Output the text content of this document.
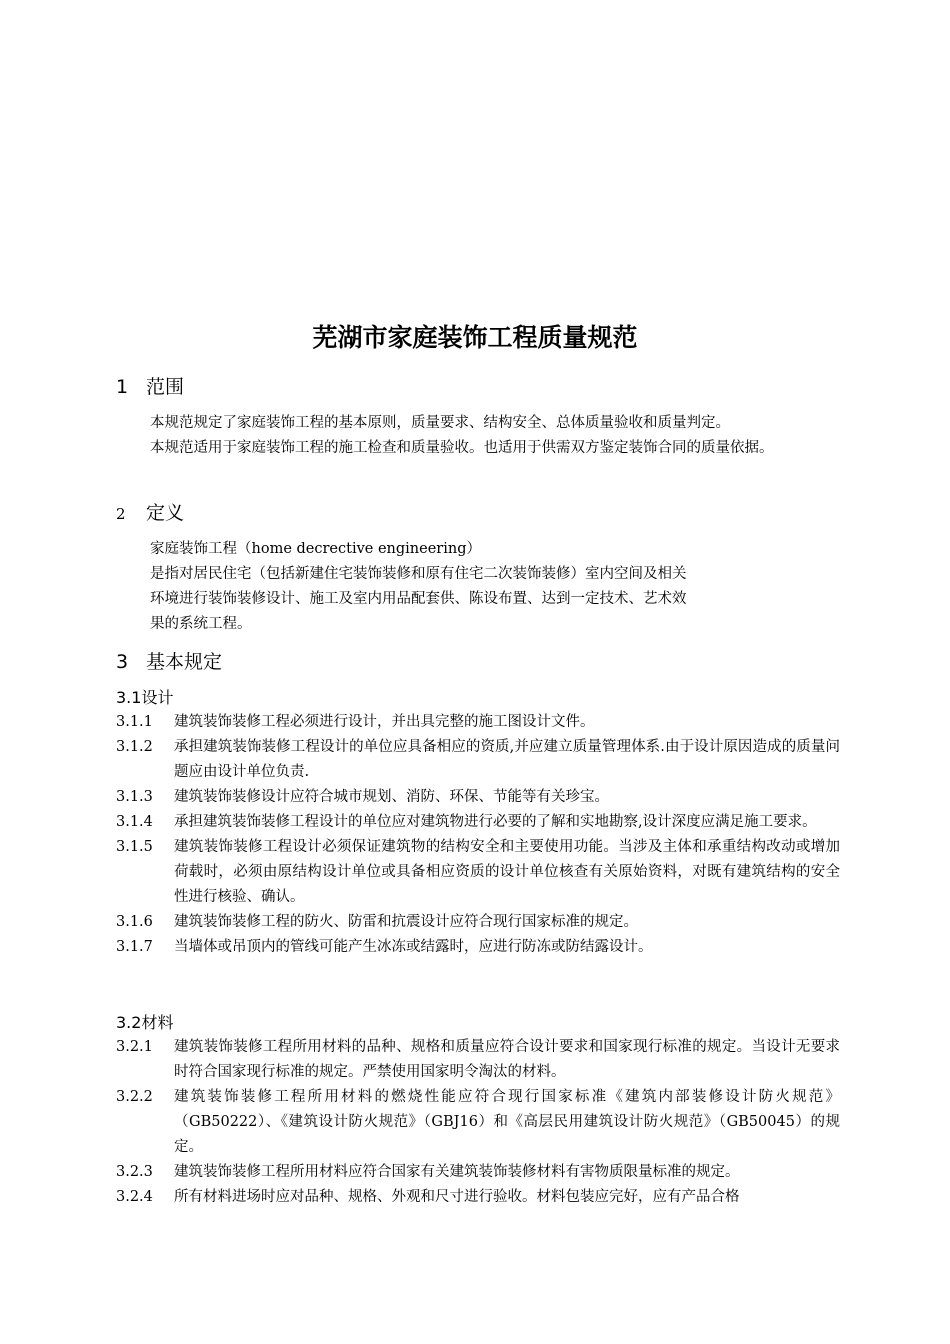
芜湖市家庭装饰工程质量规范
1 范围

本规范规定了家庭装饰工程的基本原则，质量要求、结构安全、总体质量验收和质量判定。

本规范适用于家庭装饰工程的施工检查和质量验收。也适用于供需双方鉴定装饰合同的质量依据。

2 定义

家庭装饰工程（home decrective engineering）

是指对居民住宅（包括新建住宅装饰装修和原有住宅二次装饰装修）室内空间及相关

环境进行装饰装修设计、施工及室内用品配套供、陈设布置、达到一定技术、艺术效

果的系统工程。

3 基本规定
3.1设计
3.1.1	建筑装饰装修工程必须进行设计，并出具完整的施工图设计文件。
3.1.2	承担建筑装饰装修工程设计的单位应具备相应的资质,并应建立质量管理体系.由于设计原因造成的质量问题应由设计单位负责.
3.1.3	建筑装饰装修设计应符合城市规划、消防、环保、节能等有关珍宝。
3.1.4	承担建筑装饰装修工程设计的单位应对建筑物进行必要的了解和实地勘察,设计深度应满足施工要求。
3.1.5	建筑装饰装修工程设计必须保证建筑物的结构安全和主要使用功能。当涉及主体和承重结构改动或增加荷载时，必须由原结构设计单位或具备相应资质的设计单位核查有关原始资料，对既有建筑结构的安全性进行核验、确认。
3.1.6	建筑装饰装修工程的防火、防雷和抗震设计应符合现行国家标准的规定。
3.1.7	当墙体或吊顶内的管线可能产生冰冻或结露时，应进行防冻或防结露设计。
3.2材料
3.2.1	建筑装饰装修工程所用材料的品种、规格和质量应符合设计要求和国家现行标准的规定。当设计无要求时符合国家现行标准的规定。严禁使用国家明令淘汰的材料。
3.2.2	建筑装饰装修工程所用材料的燃烧性能应符合现行国家标准《建筑内部装修设计防火规范》（GB50222）、《建筑设计防火规范》（GBJ16）和《高层民用建筑设计防火规范》（GB50045）的规定。
3.2.3	建筑装饰装修工程所用材料应符合国家有关建筑装饰装修材料有害物质限量标准的规定。
3.2.4	所有材料进场时应对品种、规格、外观和尺寸进行验收。材料包装应完好，应有产品合格
